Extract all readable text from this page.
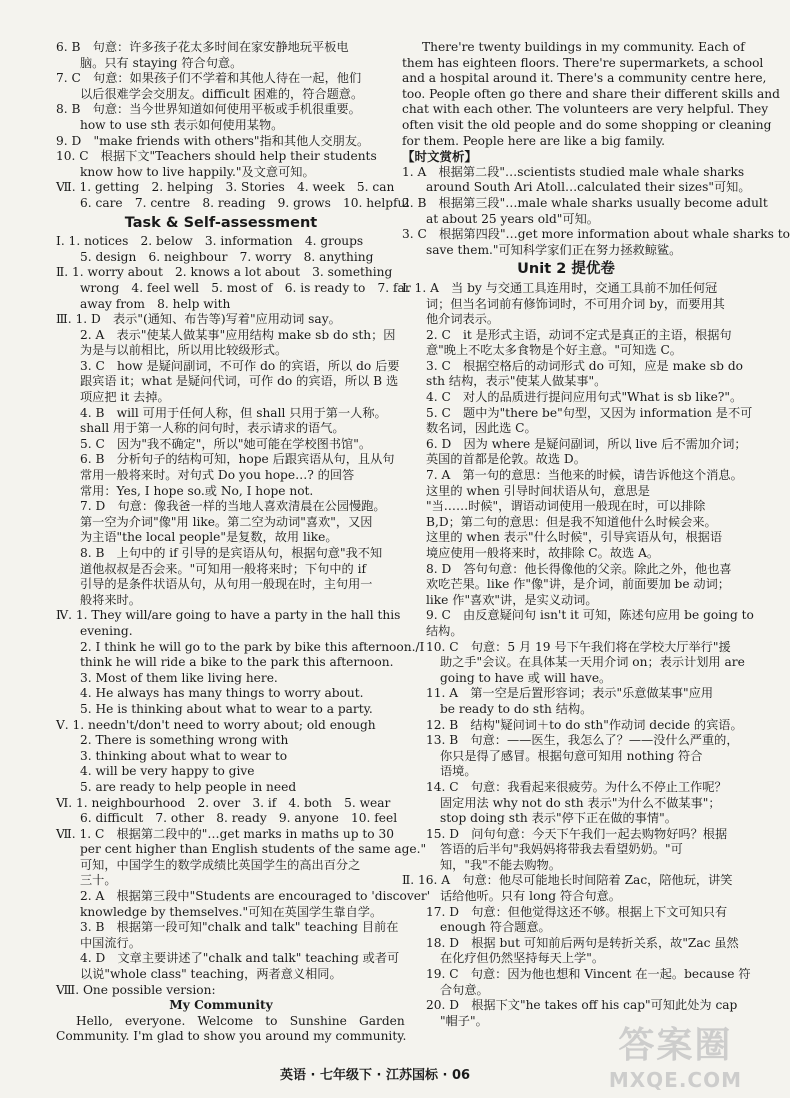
6. B　句意：许多孩子花太多时间在家安静地玩平板电
脑。只有 staying 符合句意。
7. C　句意：如果孩子们不学着和其他人待在一起，他们
以后很难学会交朋友。difficult 困难的，符合题意。
8. B　句意：当今世界知道如何使用平板或手机很重要。
how to use sth 表示如何使用某物。
9. D　"make friends with others"指和其他人交朋友。
10. C　根据下文"Teachers should help their students
know how to live happily."及文意可知。
Ⅶ. 1. getting　2. helping　3. Stories　4. week　5. can
6. care　7. centre　8. reading　9. grows　10. helpful
Task & Self-assessment
Ⅰ. 1. notices　2. below　3. information　4. groups
5. design　6. neighbour　7. worry　8. anything
Ⅱ. 1. worry about　2. knows a lot about　3. something
wrong　4. feel well　5. most of　6. is ready to　7. far
away from　8. help with
Ⅲ. 1. D　表示"(通知、布告等)写着"应用动词 say。
2. A　表示"使某人做某事"应用结构 make sb do sth；因
为是与以前相比，所以用比较级形式。
3. C　how 是疑问副词，不可作 do 的宾语，所以 do 后要
跟宾语 it；what 是疑问代词，可作 do 的宾语，所以 B 选
项应把 it 去掉。
4. B　will 可用于任何人称，但 shall 只用于第一人称。
shall 用于第一人称的问句时，表示请求的语气。
5. C　因为"我不确定"，所以"她可能在学校图书馆"。
6. B　分析句子的结构可知，hope 后跟宾语从句，且从句
常用一般将来时。对句式 Do you hope…? 的回答
常用：Yes, I hope so.或 No, I hope not.
7. D　句意：像我爸一样的当地人喜欢清晨在公园慢跑。
第一空为介词"像"用 like。第二空为动词"喜欢"，又因
为主语"the local people"是复数，故用 like。
8. B　上句中的 if 引导的是宾语从句，根据句意"我不知
道他叔叔是否会来。"可知用一般将来时；下句中的 if
引导的是条件状语从句，从句用一般现在时，主句用一
般将来时。
Ⅳ. 1. They will/are going to have a party in the hall this
evening.
2. I think he will go to the park by bike this afternoon./I
think he will ride a bike to the park this afternoon.
3. Most of them like living here.
4. He always has many things to worry about.
5. He is thinking about what to wear to a party.
Ⅴ. 1. needn't/don't need to worry about; old enough
2. There is something wrong with
3. thinking about what to wear to
4. will be very happy to give
5. are ready to help people in need
Ⅵ. 1. neighbourhood　2. over　3. if　4. both　5. wear
6. difficult　7. other　8. ready　9. anyone　10. feel
Ⅶ. 1. C　根据第二段中的"…get marks in maths up to 30
per cent higher than English students of the same age."
可知，中国学生的数学成绩比英国学生的高出百分之
三十。
2. A　根据第三段中"Students are encouraged to 'discover'
knowledge by themselves."可知在英国学生靠自学。
3. B　根据第一段可知"chalk and talk" teaching 目前在
中国流行。
4. D　文章主要讲述了"chalk and talk" teaching 或者可
以说"whole class" teaching，两者意义相同。
Ⅷ. One possible version:
My Community
Hello,　everyone.　Welcome　to　Sunshine　Garden
Community. I'm glad to show you around my community.
There're twenty buildings in my community. Each of
them has eighteen floors. There're supermarkets, a school
and a hospital around it. There's a community centre here,
too. People often go there and share their different skills and
chat with each other. The volunteers are very helpful. They
often visit the old people and do some shopping or cleaning
for them. People here are like a big family.
【时文赏析】
1. A　根据第二段"…scientists studied male whale sharks
around South Ari Atoll…calculated their sizes"可知。
2. B　根据第三段"…male whale sharks usually become adult
at about 25 years old"可知。
3. C　根据第四段"…get more information about whale sharks to
save them."可知科学家们正在努力拯救鲸鲨。
Unit 2 提优卷
Ⅰ. 1. A　当 by 与交通工具连用时，交通工具前不加任何冠
词；但当名词前有修饰词时，不可用介词 by，而要用其
他介词表示。
2. C　it 是形式主语，动词不定式是真正的主语，根据句
意"晚上不吃太多食物是个好主意。"可知选 C。
3. C　根据空格后的动词形式 do 可知，应是 make sb do
sth 结构，表示"使某人做某事"。
4. C　对人的品质进行提问应用句式"What is sb like?"。
5. C　题中为"there be"句型，又因为 information 是不可
数名词，因此选 C。
6. D　因为 where 是疑问副词，所以 live 后不需加介词；
英国的首都是伦敦。故选 D。
7. A　第一句的意思：当他来的时候，请告诉他这个消息。
这里的 when 引导时间状语从句，意思是
"当……时候"，谓语动词使用一般现在时，可以排除
B,D；第二句的意思：但是我不知道他什么时候会来。
这里的 when 表示"什么时候"，引导宾语从句，根据语
境应使用一般将来时，故排除 C。故选 A。
8. D　答句句意：他长得像他的父亲。除此之外，他也喜
欢吃芒果。like 作"像"讲，是介词，前面要加 be 动词；
like 作"喜欢"讲，是实义动词。
9. C　由反意疑问句 isn't it 可知，陈述句应用 be going to
结构。
10. C　句意：5 月 19 号下午我们将在学校大厅举行"援
助之手"会议。在具体某一天用介词 on；表示计划用 are
going to have 或 will have。
11. A　第一空是后置形容词；表示"乐意做某事"应用
be ready to do sth 结构。
12. B　结构"疑问词＋to do sth"作动词 decide 的宾语。
13. B　句意：——医生，我怎么了？——没什么严重的，
你只是得了感冒。根据句意可知用 nothing 符合
语境。
14. C　句意：我看起来很疲劳。为什么不停止工作呢？
固定用法 why not do sth 表示"为什么不做某事"；
stop doing sth 表示"停下正在做的事情"。
15. D　问句句意：今天下午我们一起去购物好吗？根据
答语的后半句"我妈妈将带我去看望奶奶。"可
知，"我"不能去购物。
Ⅱ. 16. A　句意：他尽可能地长时间陪着 Zac，陪他玩，讲笑
话给他听。只有 long 符合句意。
17. D　句意：但他觉得这还不够。根据上下文可知只有
enough 符合题意。
18. D　根据 but 可知前后两句是转折关系，故"Zac 虽然
在化疗但仍然坚持每天上学"。
19. C　句意：因为他也想和 Vincent 在一起。because 符
合句意。
20. D　根据下文"he takes off his cap"可知此处为 cap
"帽子"。
英语 · 七年级下 · 江苏国标 · 06
答案圈
MXQE.COM
